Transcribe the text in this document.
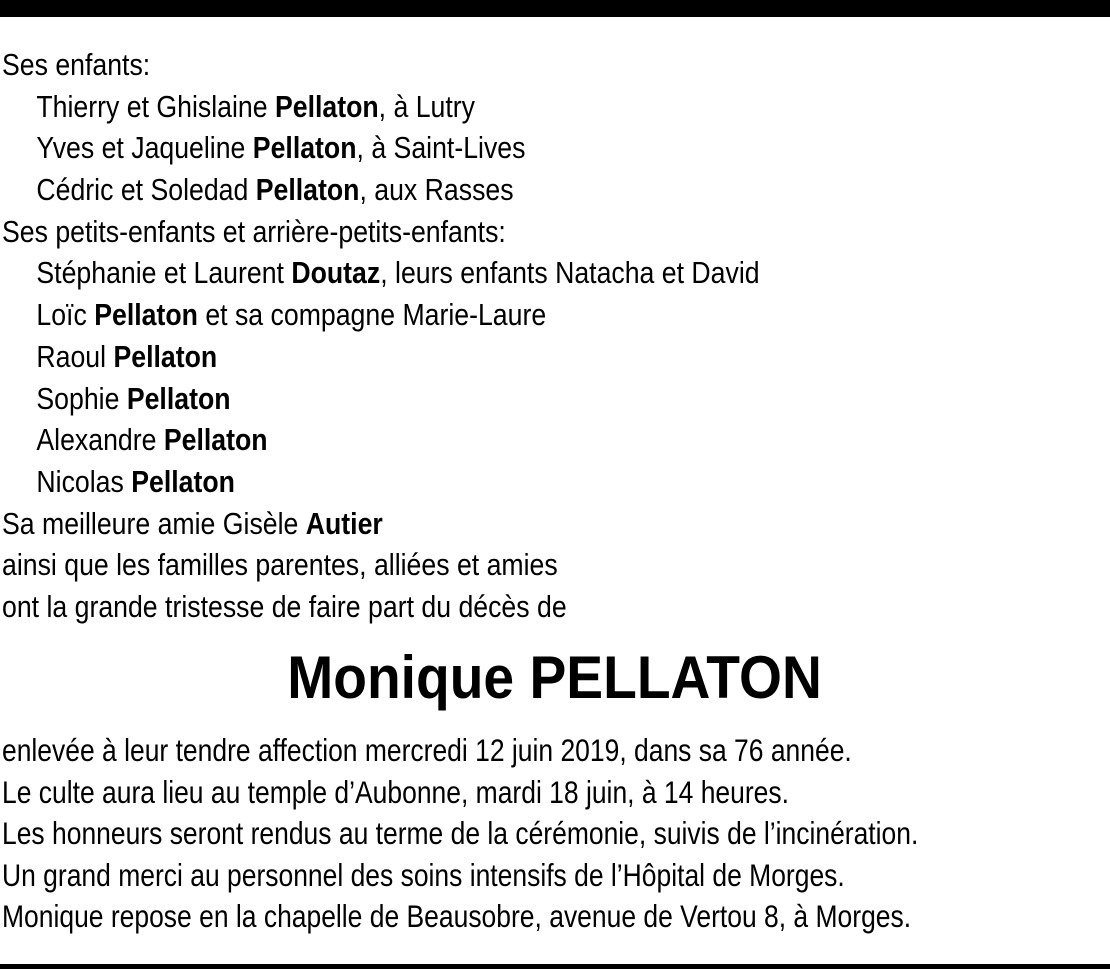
Ses enfants:
Thierry et Ghislaine Pellaton, à Lutry
Yves et Jaqueline Pellaton, à Saint-Lives
Cédric et Soledad Pellaton, aux Rasses
Ses petits-enfants et arrière-petits-enfants:
Stéphanie et Laurent Doutaz, leurs enfants Natacha et David
Loïc Pellaton et sa compagne Marie-Laure
Raoul Pellaton
Sophie Pellaton
Alexandre Pellaton
Nicolas Pellaton
Sa meilleure amie Gisèle Autier
ainsi que les familles parentes, alliées et amies
ont la grande tristesse de faire part du décès de
Monique PELLATON
enlevée à leur tendre affection mercredi 12 juin 2019, dans sa 76 année.
Le culte aura lieu au temple d’Aubonne, mardi 18 juin, à 14 heures.
Les honneurs seront rendus au terme de la cérémonie, suivis de l’incinération.
Un grand merci au personnel des soins intensifs de l’Hôpital de Morges.
Monique repose en la chapelle de Beausobre, avenue de Vertou 8, à Morges.
